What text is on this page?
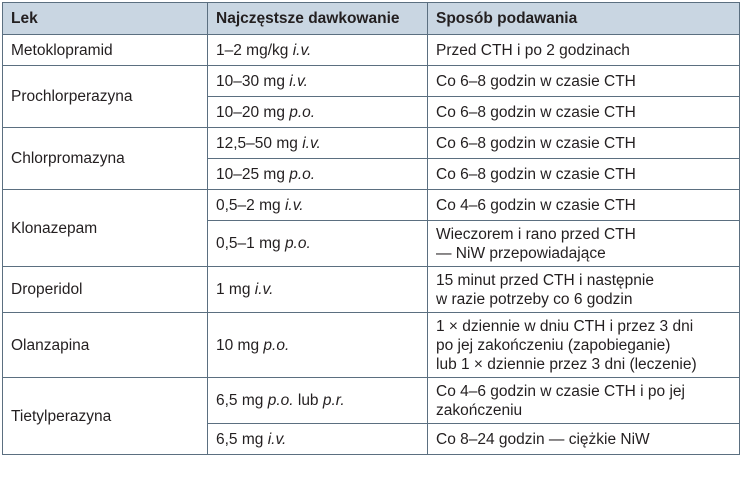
Lek	Najczęstsze dawkowanie	Sposób podawania
Metoklopramid	1–2 mg/kg i.v.	Przed CTH i po 2 godzinach
Prochlorperazyna	10–30 mg i.v.	Co 6–8 godzin w czasie CTH
	10–20 mg p.o.	Co 6–8 godzin w czasie CTH
Chlorpromazyna	12,5–50 mg i.v.	Co 6–8 godzin w czasie CTH
	10–25 mg p.o.	Co 6–8 godzin w czasie CTH
Klonazepam	0,5–2 mg i.v.	Co 4–6 godzin w czasie CTH
	0,5–1 mg p.o.	Wieczorem i rano przed CTH
— NiW przepowiadające
Droperidol	1 mg i.v.	15 minut przed CTH i następnie
w razie potrzeby co 6 godzin
Olanzapina	10 mg p.o.	1 × dziennie w dniu CTH i przez 3 dni
po jej zakończeniu (zapobieganie)
lub 1 × dziennie przez 3 dni (leczenie)
Tietylperazyna	6,5 mg p.o. lub p.r.	Co 4–6 godzin w czasie CTH i po jej
zakończeniu
	6,5 mg i.v.	Co 8–24 godzin — ciężkie NiW
